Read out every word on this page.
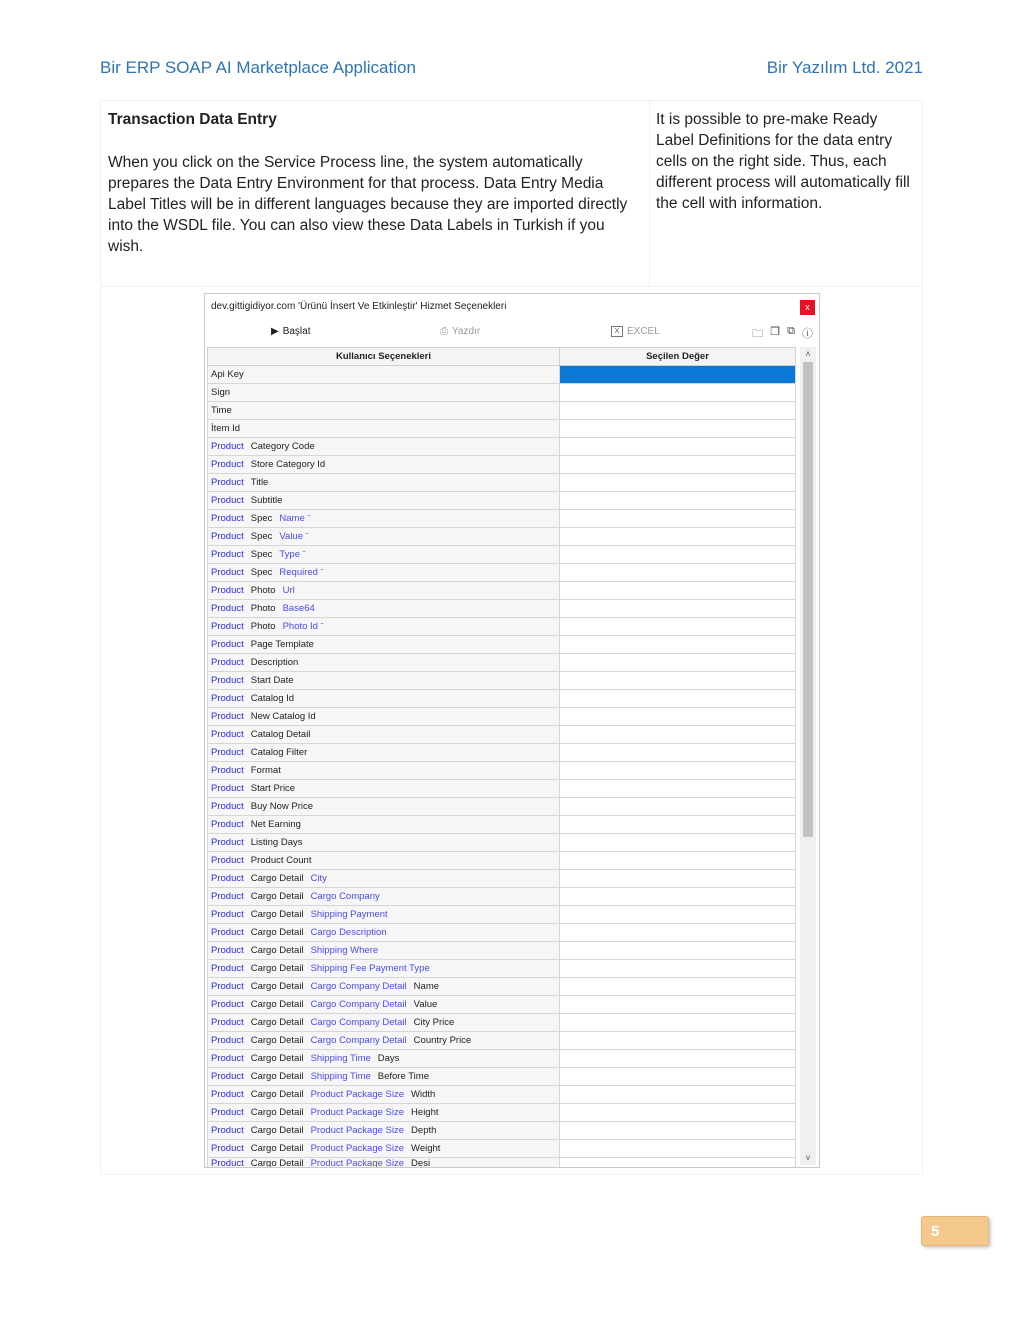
Bir ERP SOAP AI Marketplace Application	Bir Yazılım Ltd. 2021
Transaction Data Entry
When you click on the Service Process line, the system automatically prepares the Data Entry Environment for that process. Data Entry Media Label Titles will be in different languages because they are imported directly into the WSDL file. You can also view these Data Labels in Turkish if you wish.
It is possible to pre-make Ready Label Definitions for the data entry cells on the right side. Thus, each different process will automatically fill the cell with information.
dev.gittigidiyor.com 'Ürünü İnsert Ve Etkinleştir' Hizmet Seçenekleri	x
▶ Başlat	⎙ Yazdır	X EXCEL	🗀 ❐ ⧉ ⓘ
Kullanıcı Seçenekleri	Seçilen Değer
Api Key	
Sign	
Time	
İtem Id	
Product Category Code	
Product Store Category Id	
Product Title	
Product Subtitle	
Product Spec Name ˉ	
Product Spec Value ˉ	
Product Spec Type ˉ	
Product Spec Required ˉ	
Product Photo Url	
Product Photo Base64	
Product Photo Photo Id ˉ	
Product Page Template	
Product Description	
Product Start Date	
Product Catalog Id	
Product New Catalog Id	
Product Catalog Detail	
Product Catalog Filter	
Product Format	
Product Start Price	
Product Buy Now Price	
Product Net Earning	
Product Listing Days	
Product Product Count	
Product Cargo Detail City	
Product Cargo Detail Cargo Company	
Product Cargo Detail Shipping Payment	
Product Cargo Detail Cargo Description	
Product Cargo Detail Shipping Where	
Product Cargo Detail Shipping Fee Payment Type	
Product Cargo Detail Cargo Company Detail Name	
Product Cargo Detail Cargo Company Detail Value	
Product Cargo Detail Cargo Company Detail City Price	
Product Cargo Detail Cargo Company Detail Country Price	
Product Cargo Detail Shipping Time Days	
Product Cargo Detail Shipping Time Before Time	
Product Cargo Detail Product Package Size Width	
Product Cargo Detail Product Package Size Height	
Product Cargo Detail Product Package Size Depth	
Product Cargo Detail Product Package Size Weight	
Product Cargo Detail Product Package Size Desi	
˄
˅
5
